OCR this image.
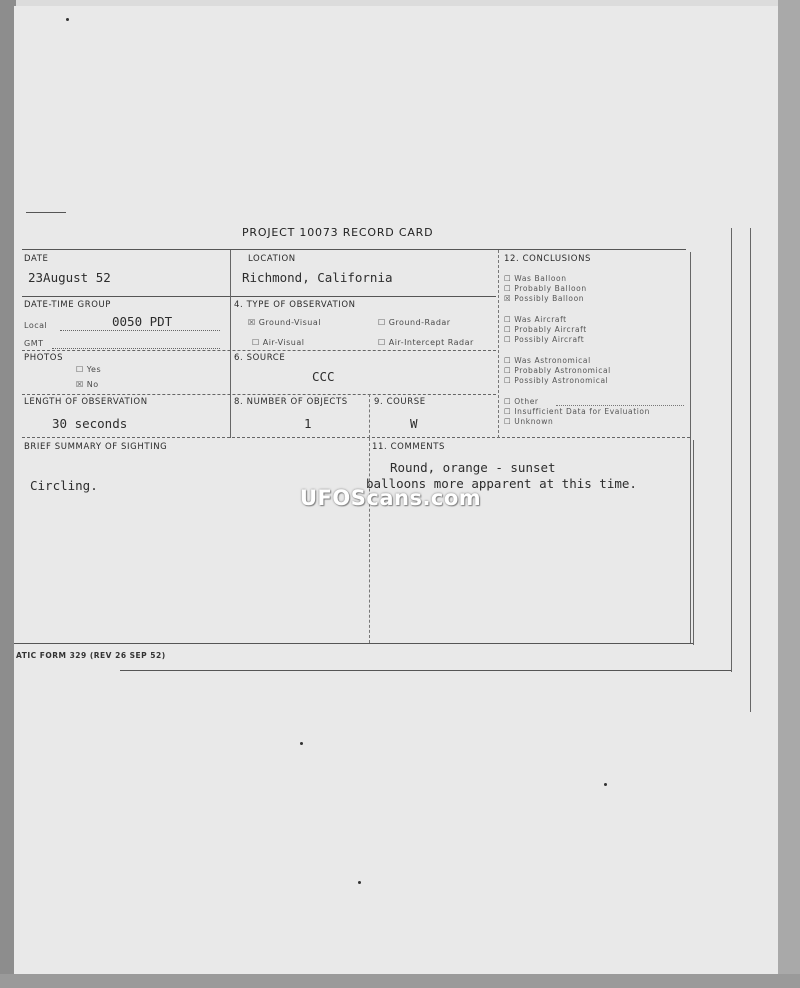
PROJECT 10073 RECORD CARD
DATE
23August 52
LOCATION
Richmond, California
DATE-TIME GROUP
Local	0050 PDT
GMT
4. TYPE OF OBSERVATION
☒ Ground-Visual	☐ Ground-Radar
☐ Air-Visual	☐ Air-Intercept Radar
PHOTOS
☐ Yes
☒ No
6. SOURCE
CCC
LENGTH OF OBSERVATION
30 seconds
8. NUMBER OF OBJECTS
1
9. COURSE
W
12. CONCLUSIONS
☐ Was Balloon
☐ Probably Balloon
☒ Possibly Balloon
☐ Was Aircraft
☐ Probably Aircraft
☐ Possibly Aircraft
☐ Was Astronomical
☐ Probably Astronomical
☐ Possibly Astronomical
☐ Other
☐ Insufficient Data for Evaluation
☐ Unknown
BRIEF SUMMARY OF SIGHTING
Circling.
11. COMMENTS
Round, orange - sunset
balloons more apparent at this time.
ATIC FORM 329 (REV 26 SEP 52)
UFOScans.com
